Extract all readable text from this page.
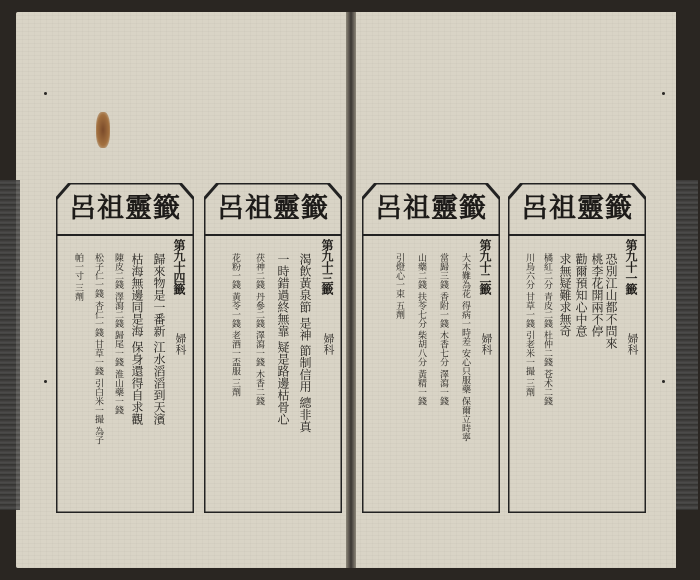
呂祖靈籤
第九十四籤
婦科
歸來物是一番新 江水滔滔到天濱
枯海無邊同是海 保身還得自求觀
陳皮二錢 澤瀉二錢 歸尾一錢 淮山藥一錢
松子仁一錢 杏仁一錢 甘草一錢 引白米一撮 為子
帕一寸 三劑
呂祖靈籤
第九十三籤
婦科
渴飲黃泉節 是神 節制信用 總非真
一時錯過終無靠 疑是路邊枯骨心
茯神二錢 丹參二錢 澤瀉一錢 木香二錢
花粉一錢 黃苓一錢 老酒一盃服 三劑
呂祖靈籤
第九十二籤
婦科
大木難為花 得病一時差 安心只服藥 保爾立時寧
當歸三錢 香附一錢 木香七分 澤瀉一錢
山藥二錢 扶苓七分 柴胡八分 黃精一錢
引燈心一束 五劑
呂祖靈籤
第九十一籤
婦科
恐別江山都不問來
桃李花開兩不停
勸爾預知心中意
求無疑難求無奇
橘紅二分 青皮二錢 杜仲二錢 苍术二錢
川烏六分 甘草一錢 引老米一撮 三劑
